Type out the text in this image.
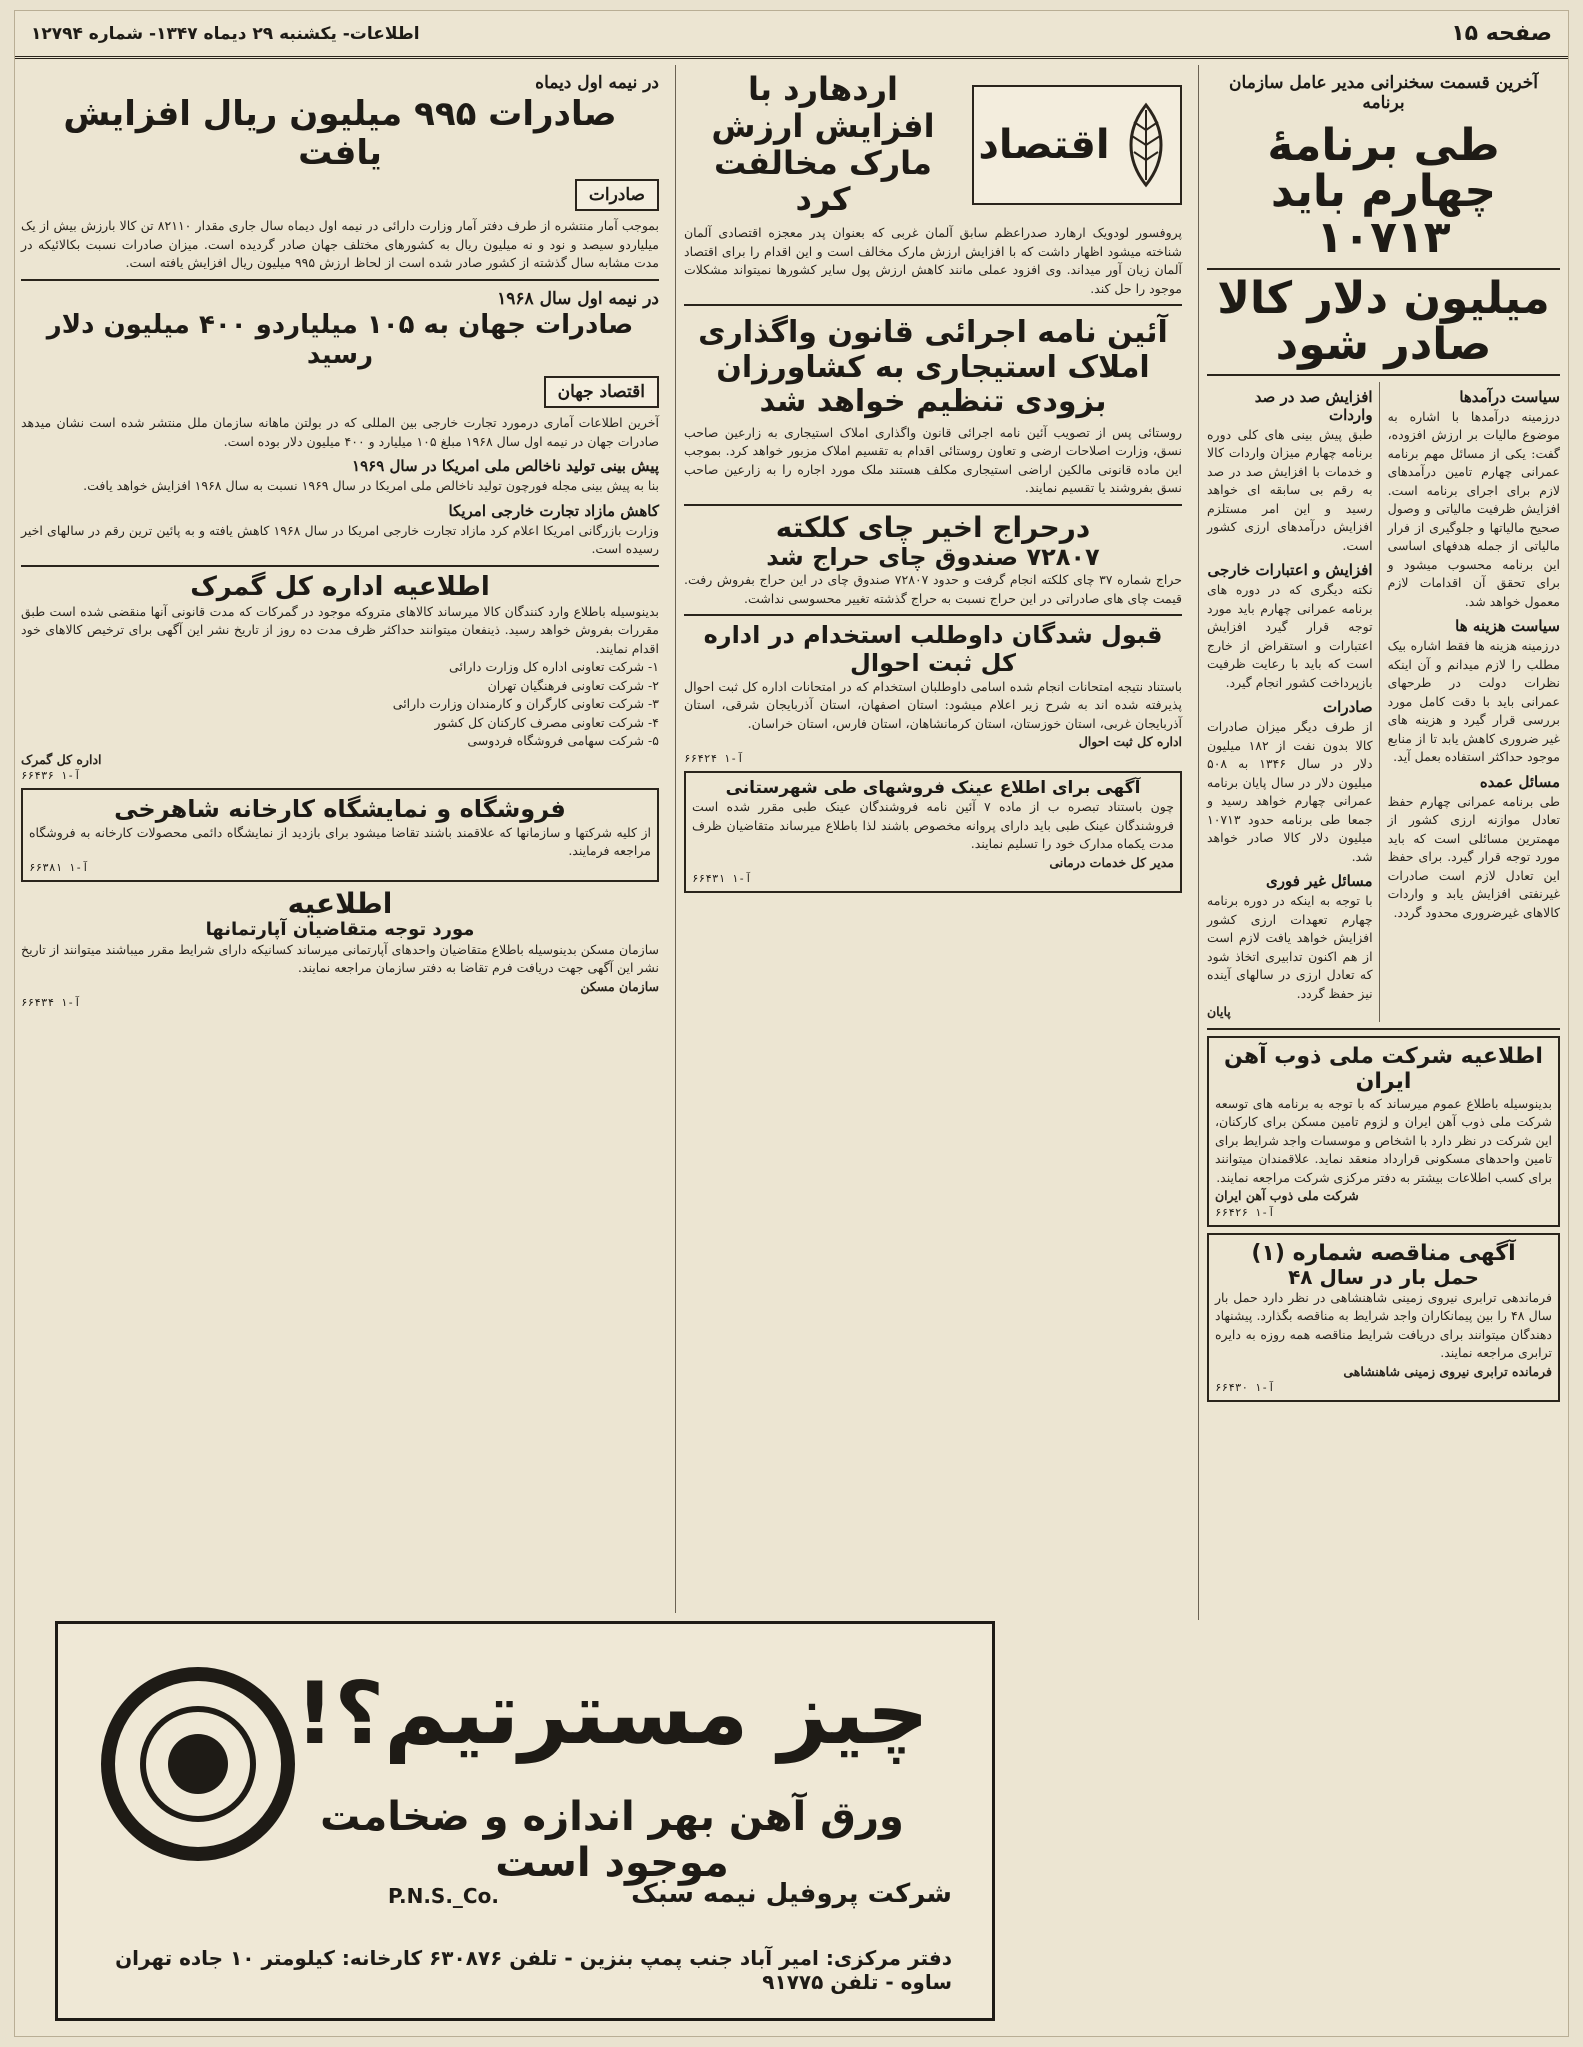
صفحه ۱۵
اطلاعات- یکشنبه ۲۹ دیماه ۱۳۴۷- شماره ۱۲۷۹۴
آخرین قسمت سخنرانی مدیر عامل سازمان برنامه
طی برنامهٔ چهارم باید ۱۰۷۱۳
میلیون دلار کالا صادر شود
سیاست درآمدها
درزمینه درآمدها با اشاره به موضوع مالیات بر ارزش افزوده، گفت: یکی از مسائل مهم برنامه عمرانی چهارم تامین درآمدهای لازم برای اجرای برنامه است. افزایش ظرفیت مالیاتی و وصول صحیح مالیاتها و جلوگیری از فرار مالیاتی از جمله هدفهای اساسی این برنامه محسوب میشود و برای تحقق آن اقدامات لازم معمول خواهد شد.
سیاست هزینه ها
درزمینه هزینه ها فقط اشاره بیک مطلب را لازم میدانم و آن اینکه نظرات دولت در طرحهای عمرانی باید با دقت کامل مورد بررسی قرار گیرد و هزینه های غیر ضروری کاهش یابد تا از منابع موجود حداکثر استفاده بعمل آید.
مسائل عمده
طی برنامه عمرانی چهارم حفظ تعادل موازنه ارزی کشور از مهمترین مسائلی است که باید مورد توجه قرار گیرد. برای حفظ این تعادل لازم است صادرات غیرنفتی افزایش یابد و واردات کالاهای غیرضروری محدود گردد.
افزایش صد در صد واردات
طبق پیش بینی های کلی دوره برنامه چهارم میزان واردات کالا و خدمات با افزایش صد در صد به رقم بی سابقه ای خواهد رسید و این امر مستلزم افزایش درآمدهای ارزی کشور است.
افزایش و اعتبارات خارجی
نکته دیگری که در دوره های برنامه عمرانی چهارم باید مورد توجه قرار گیرد افزایش اعتبارات و استقراض از خارج است که باید با رعایت ظرفیت بازپرداخت کشور انجام گیرد.
صادرات
از طرف دیگر میزان صادرات کالا بدون نفت از ۱۸۲ میلیون دلار در سال ۱۳۴۶ به ۵۰۸ میلیون دلار در سال پایان برنامه عمرانی چهارم خواهد رسید و جمعا طی برنامه حدود ۱۰۷۱۳ میلیون دلار کالا صادر خواهد شد.
مسائل غیر فوری
با توجه به اینکه در دوره برنامه چهارم تعهدات ارزی کشور افزایش خواهد یافت لازم است از هم اکنون تدابیری اتخاذ شود که تعادل ارزی در سالهای آینده نیز حفظ گردد.
پایان
اطلاعیه شرکت ملی ذوب آهن ایران
بدینوسیله باطلاع عموم میرساند که با توجه به برنامه های توسعه شرکت ملی ذوب آهن ایران و لزوم تامین مسکن برای کارکنان، این شرکت در نظر دارد با اشخاص و موسسات واجد شرایط برای تامین واحدهای مسکونی قرارداد منعقد نماید. علاقمندان میتوانند برای کسب اطلاعات بیشتر به دفتر مرکزی شرکت مراجعه نمایند.
شرکت ملی ذوب آهن ایران
آ-۱ ۶۶۴۲۶
آگهی مناقصه شماره (۱)
حمل بار در سال ۴۸
فرماندهی ترابری نیروی زمینی شاهنشاهی در نظر دارد حمل بار سال ۴۸ را بین پیمانکاران واجد شرایط به مناقصه بگذارد. پیشنهاد دهندگان میتوانند برای دریافت شرایط مناقصه همه روزه به دایره ترابری مراجعه نمایند.
فرمانده ترابری نیروی زمینی شاهنشاهی
آ-۱ ۶۶۴۳۰
اقتصاد
اردهارد با افزایش ارزش مارک مخالفت کرد
پروفسور لودویک ارهارد صدراعظم سابق آلمان غربی که بعنوان پدر معجزه اقتصادی آلمان شناخته میشود اظهار داشت که با افزایش ارزش مارک مخالف است و این اقدام را برای اقتصاد آلمان زیان آور میداند. وی افزود عملی مانند کاهش ارزش پول سایر کشورها نمیتواند مشکلات موجود را حل کند.
آئین نامه اجرائی قانون واگذاری املاک استیجاری به کشاورزان بزودی تنظیم خواهد شد
روستائی پس از تصویب آئین نامه اجرائی قانون واگذاری املاک استیجاری به زارعین صاحب نسق، وزارت اصلاحات ارضی و تعاون روستائی اقدام به تقسیم املاک مزبور خواهد کرد. بموجب این ماده قانونی مالکین اراضی استیجاری مکلف هستند ملک مورد اجاره را به زارعین صاحب نسق بفروشند یا تقسیم نمایند.
درحراج اخیر چای کلکته
۷۲۸۰۷ صندوق چای حراج شد
حراج شماره ۳۷ چای کلکته انجام گرفت و حدود ۷۲۸۰۷ صندوق چای در این حراج بفروش رفت. قیمت چای های صادراتی در این حراج نسبت به حراج گذشته تغییر محسوسی نداشت.
قبول شدگان داوطلب استخدام در اداره کل ثبت احوال
باستناد نتیجه امتحانات انجام شده اسامی داوطلبان استخدام که در امتحانات اداره کل ثبت احوال پذیرفته شده اند به شرح زیر اعلام میشود: استان اصفهان، استان آذربایجان شرقی، استان آذربایجان غربی، استان خوزستان، استان کرمانشاهان، استان فارس، استان خراسان.
اداره کل ثبت احوال
آ-۱ ۶۶۴۲۴
آگهی برای اطلاع عینک فروشهای طی شهرستانی
چون باستناد تبصره ب از ماده ۷ آئین نامه فروشندگان عینک طبی مقرر شده است فروشندگان عینک طبی باید دارای پروانه مخصوص باشند لذا باطلاع میرساند متقاضیان ظرف مدت یکماه مدارک خود را تسلیم نمایند.
مدیر کل خدمات درمانی
آ-۱ ۶۶۴۳۱
در نیمه اول دیماه
صادرات ۹۹۵ میلیون ریال افزایش یافت
صادرات
بموجب آمار منتشره از طرف دفتر آمار وزارت دارائی در نیمه اول دیماه سال جاری مقدار ۸۲۱۱۰ تن کالا بارزش بیش از یک میلیاردو سیصد و نود و نه میلیون ریال به کشورهای مختلف جهان صادر گردیده است. میزان صادرات نسبت بکالائیکه در مدت مشابه سال گذشته از کشور صادر شده است از لحاظ ارزش ۹۹۵ میلیون ریال افزایش یافته است.
در نیمه اول سال ۱۹۶۸
صادرات جهان به ۱۰۵ میلیاردو ۴۰۰ میلیون دلار رسید
اقتصاد جهان
آخرین اطلاعات آماری درمورد تجارت خارجی بین المللی که در بولتن ماهانه سازمان ملل منتشر شده است نشان میدهد صادرات جهان در نیمه اول سال ۱۹۶۸ مبلغ ۱۰۵ میلیارد و ۴۰۰ میلیون دلار بوده است.
پیش بینی تولید ناخالص ملی امریکا در سال ۱۹۶۹
بنا به پیش بینی مجله فورچون تولید ناخالص ملی امریکا در سال ۱۹۶۹ نسبت به سال ۱۹۶۸ افزایش خواهد یافت.
کاهش مازاد تجارت خارجی امریکا
وزارت بازرگانی امریکا اعلام کرد مازاد تجارت خارجی امریکا در سال ۱۹۶۸ کاهش یافته و به پائین ترین رقم در سالهای اخیر رسیده است.
اطلاعیه اداره کل گمرک
بدینوسیله باطلاع وارد کنندگان کالا میرساند کالاهای متروکه موجود در گمرکات که مدت قانونی آنها منقضی شده است طبق مقررات بفروش خواهد رسید. ذینفعان میتوانند حداکثر ظرف مدت ده روز از تاریخ نشر این آگهی برای ترخیص کالاهای خود اقدام نمایند.
۱- شرکت تعاونی اداره کل وزارت دارائی
۲- شرکت تعاونی فرهنگیان تهران
۳- شرکت تعاونی کارگران و کارمندان وزارت دارائی
۴- شرکت تعاونی مصرف کارکنان کل کشور
۵- شرکت سهامی فروشگاه فردوسی
اداره کل گمرک
آ-۱ ۶۶۴۳۶
فروشگاه و نمایشگاه کارخانه شاهرخی
از کلیه شرکتها و سازمانها که علاقمند باشند تقاضا میشود برای بازدید از نمایشگاه دائمی محصولات کارخانه به فروشگاه مراجعه فرمایند.
آ-۱ ۶۶۳۸۱
اطلاعیه
مورد توجه متقاضیان آپارتمانها
سازمان مسکن بدینوسیله باطلاع متقاضیان واحدهای آپارتمانی میرساند کسانیکه دارای شرایط مقرر میباشند میتوانند از تاریخ نشر این آگهی جهت دریافت فرم تقاضا به دفتر سازمان مراجعه نمایند.
سازمان مسکن
آ-۱ ۶۶۴۳۴
چیز مسترتیم؟!
ورق آهن بهر اندازه و ضخامت موجود است
شرکت پروفیل نیمه سبک
P.N.S._Co.
دفتر مرکزی: امیر آباد جنب پمپ بنزین - تلفن ۶۳۰۸۷۶ کارخانه: کیلومتر ۱۰ جاده تهران ساوه - تلفن ۹۱۷۷۵
